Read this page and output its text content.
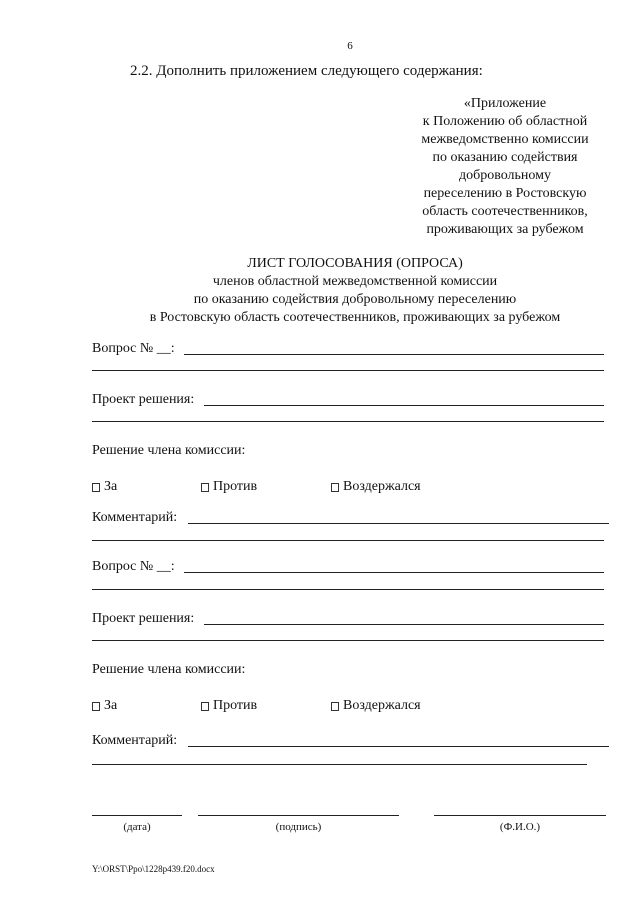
6
2.2. Дополнить приложением следующего содержания:
«Приложение
к Положению об областной
межведомственно комиссии
по оказанию содействия
добровольному
переселению в Ростовскую
область соотечественников,
проживающих за рубежом
ЛИСТ ГОЛОСОВАНИЯ (ОПРОСА)
членов областной межведомственной комиссии
по оказанию содействия добровольному переселению
в Ростовскую область соотечественников, проживающих за рубежом
Вопрос № __:
Проект решения:
Решение члена комиссии:
За	Против	Воздержался
Комментарий:
Вопрос № __:
Проект решения:
Решение члена комиссии:
За	Против	Воздержался
Комментарий:
(дата)	(подпись)	(Ф.И.О.)
Y:\ORST\Ppo\1228p439.f20.docx
